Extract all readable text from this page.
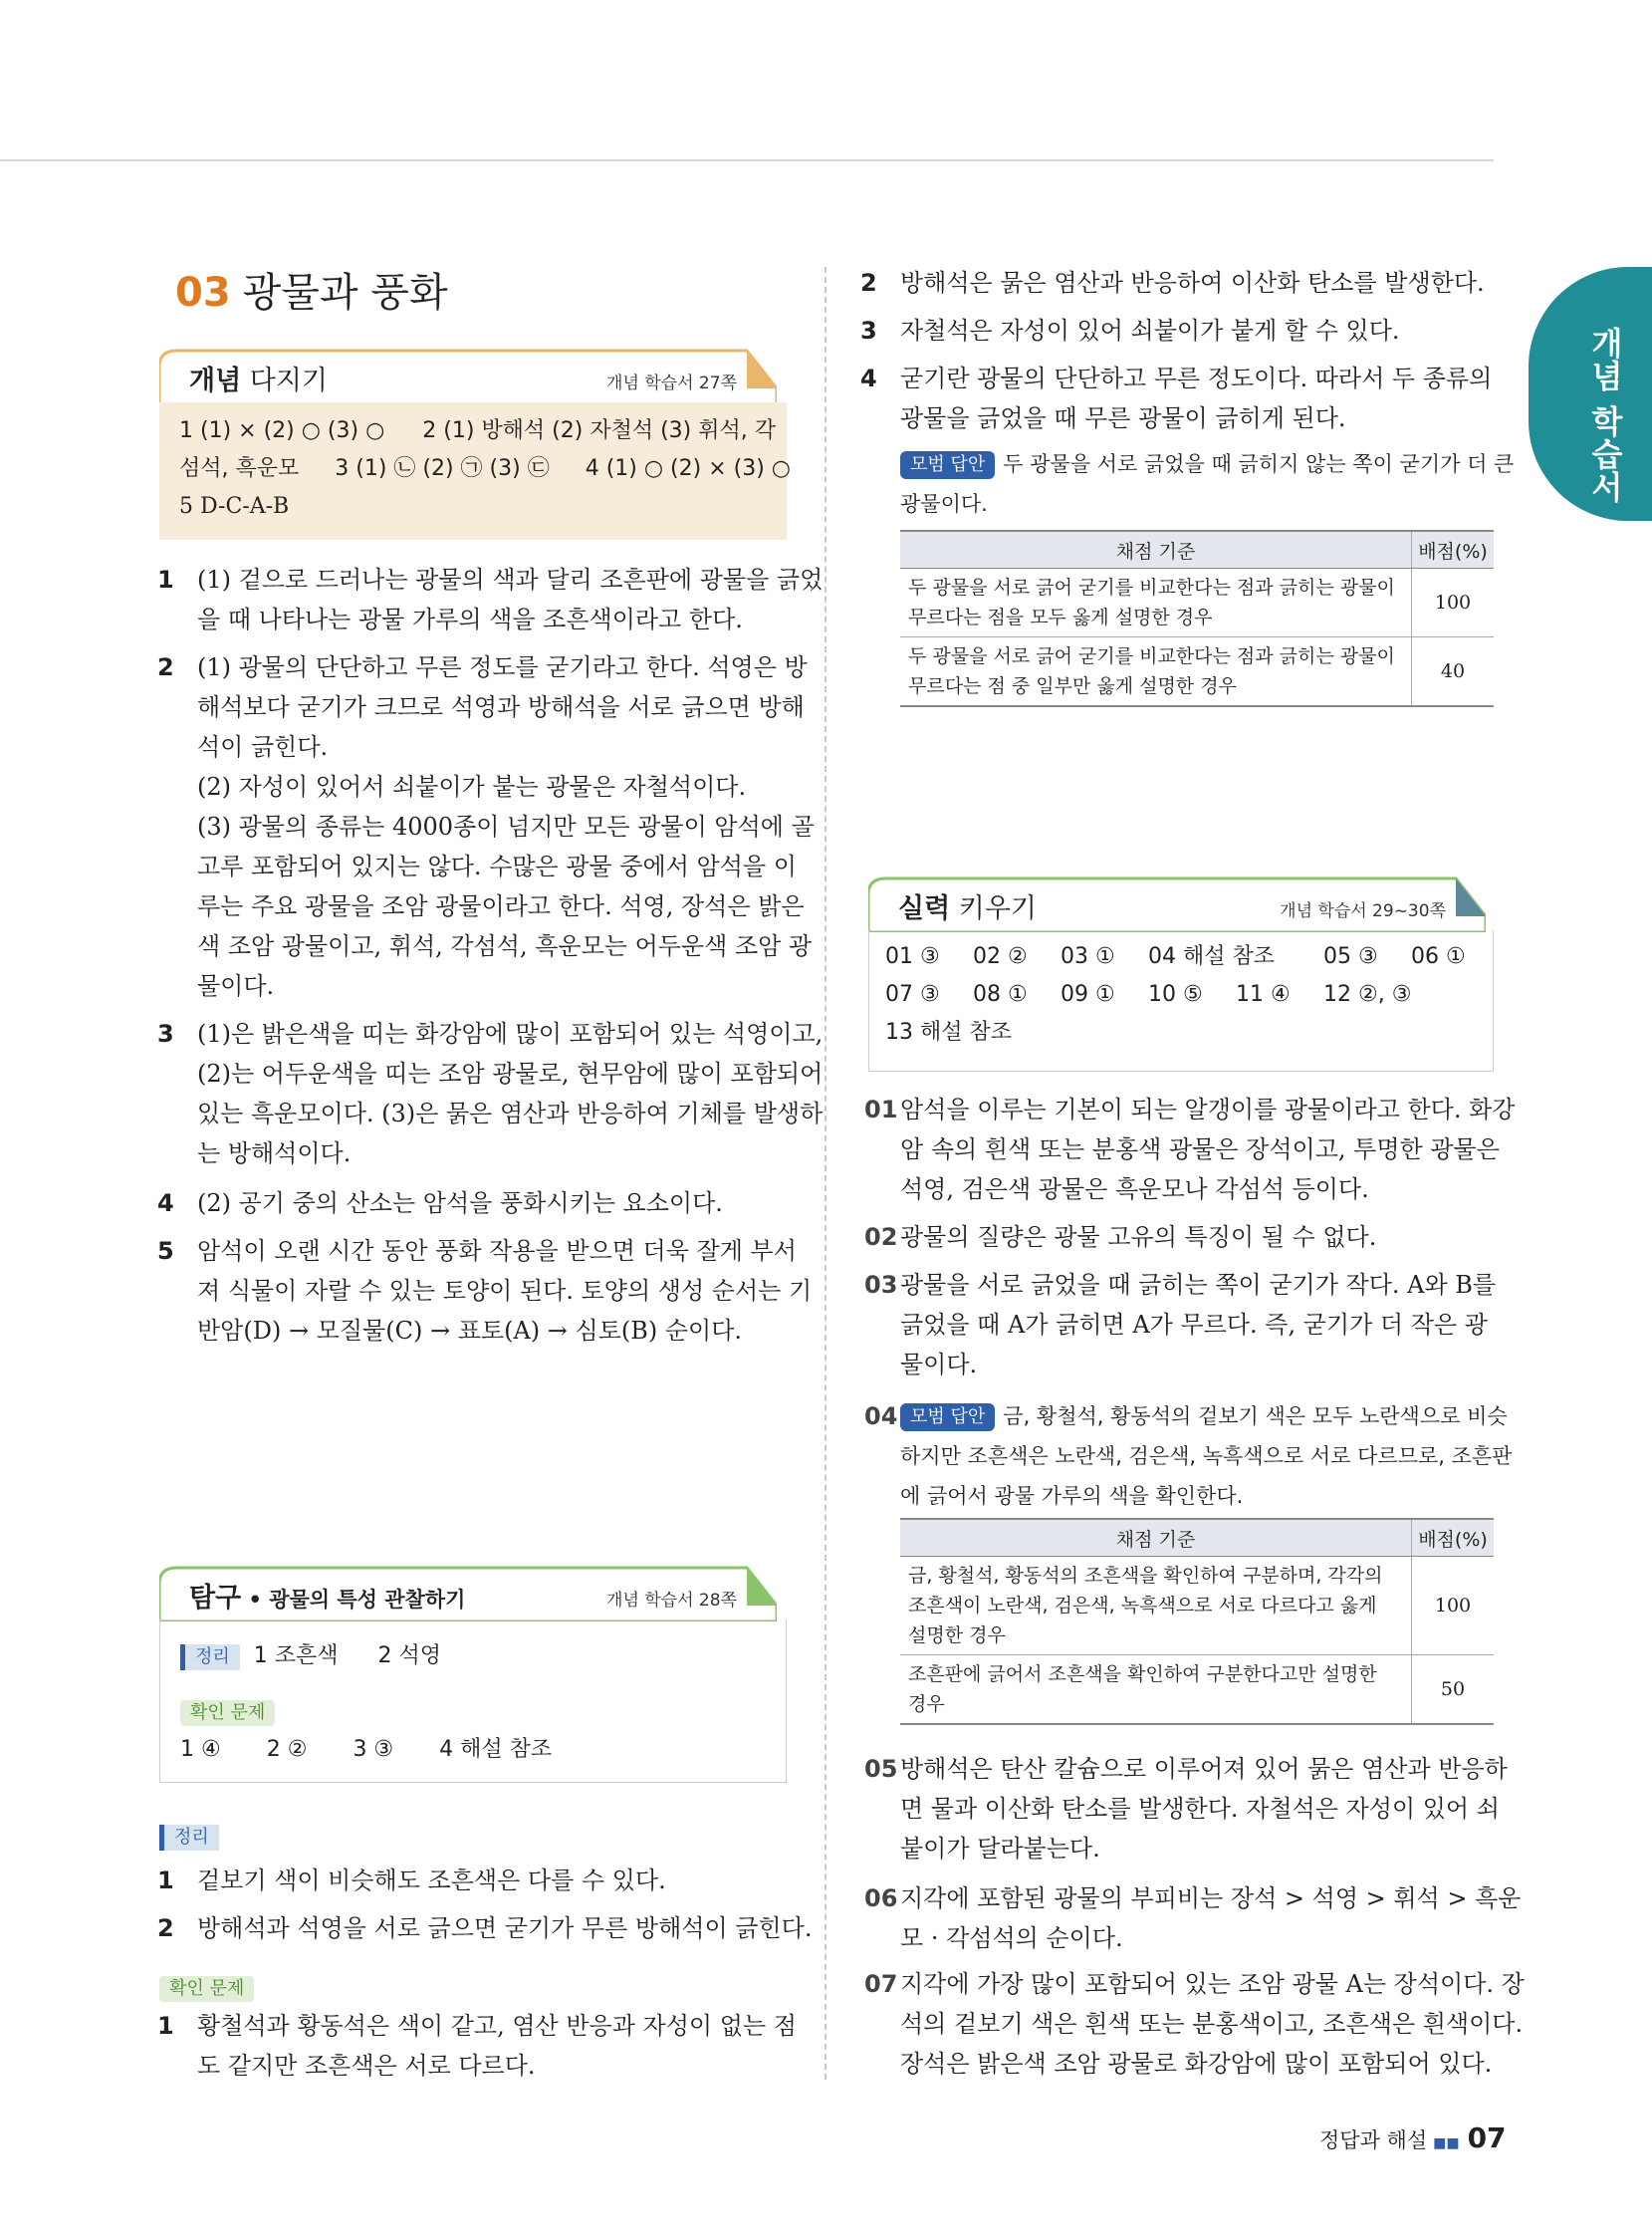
개념 학습서
03 광물과 풍화
개념 다지기	개념 학습서 27쪽
1 (1) × (2) ○ (3) ○ 2 (1) 방해석 (2) 자철석 (3) 휘석, 각
섬석, 흑운모 3 (1) ㉡ (2) ㉠ (3) ㉢ 4 (1) ○ (2) × (3) ○
5 D-C-A-B
1 (1) 겉으로 드러나는 광물의 색과 달리 조흔판에 광물을 긁었
을 때 나타나는 광물 가루의 색을 조흔색이라고 한다.
2 (1) 광물의 단단하고 무른 정도를 굳기라고 한다. 석영은 방
해석보다 굳기가 크므로 석영과 방해석을 서로 긁으면 방해
석이 긁힌다.
(2) 자성이 있어서 쇠붙이가 붙는 광물은 자철석이다.
(3) 광물의 종류는 4000종이 넘지만 모든 광물이 암석에 골
고루 포함되어 있지는 않다. 수많은 광물 중에서 암석을 이
루는 주요 광물을 조암 광물이라고 한다. 석영, 장석은 밝은
색 조암 광물이고, 휘석, 각섬석, 흑운모는 어두운색 조암 광
물이다.
3 (1)은 밝은색을 띠는 화강암에 많이 포함되어 있는 석영이고,
(2)는 어두운색을 띠는 조암 광물로, 현무암에 많이 포함되어
있는 흑운모이다. (3)은 묽은 염산과 반응하여 기체를 발생하
는 방해석이다.
4 (2) 공기 중의 산소는 암석을 풍화시키는 요소이다.
5 암석이 오랜 시간 동안 풍화 작용을 받으면 더욱 잘게 부서
져 식물이 자랄 수 있는 토양이 된다. 토양의 생성 순서는 기
반암(D) → 모질물(C) → 표토(A) → 심토(B) 순이다.
탐구 • 광물의 특성 관찰하기	개념 학습서 28쪽
정리 1 조흔색 2 석영
확인 문제
1 ④ 2 ② 3 ③ 4 해설 참조
정리
1 겉보기 색이 비슷해도 조흔색은 다를 수 있다.
2 방해석과 석영을 서로 긁으면 굳기가 무른 방해석이 긁힌다.
확인 문제
1 황철석과 황동석은 색이 같고, 염산 반응과 자성이 없는 점
도 같지만 조흔색은 서로 다르다.
2 방해석은 묽은 염산과 반응하여 이산화 탄소를 발생한다.
3 자철석은 자성이 있어 쇠붙이가 붙게 할 수 있다.
4 굳기란 광물의 단단하고 무른 정도이다. 따라서 두 종류의
광물을 긁었을 때 무른 광물이 긁히게 된다.
모범 답안 두 광물을 서로 긁었을 때 긁히지 않는 쪽이 굳기가 더 큰
광물이다.
채점 기준	배점(%)

두 광물을 서로 긁어 굳기를 비교한다는 점과 긁히는 광물이
무르다는 점을 모두 옳게 설명한 경우	100

두 광물을 서로 긁어 굳기를 비교한다는 점과 긁히는 광물이
무르다는 점 중 일부만 옳게 설명한 경우	40
실력 키우기	개념 학습서 29~30쪽
01 ③ 02 ② 03 ① 04 해설 참조 05 ③ 06 ①
07 ③ 08 ① 09 ① 10 ⑤ 11 ④ 12 ②, ③
13 해설 참조
01 암석을 이루는 기본이 되는 알갱이를 광물이라고 한다. 화강
암 속의 흰색 또는 분홍색 광물은 장석이고, 투명한 광물은
석영, 검은색 광물은 흑운모나 각섬석 등이다.
02 광물의 질량은 광물 고유의 특징이 될 수 없다.
03 광물을 서로 긁었을 때 긁히는 쪽이 굳기가 작다. A와 B를
긁었을 때 A가 긁히면 A가 무르다. 즉, 굳기가 더 작은 광
물이다.
04 모범 답안 금, 황철석, 황동석의 겉보기 색은 모두 노란색으로 비슷
하지만 조흔색은 노란색, 검은색, 녹흑색으로 서로 다르므로, 조흔판
에 긁어서 광물 가루의 색을 확인한다.
채점 기준	배점(%)

금, 황철석, 황동석의 조흔색을 확인하여 구분하며, 각각의
조흔색이 노란색, 검은색, 녹흑색으로 서로 다르다고 옳게
설명한 경우	100

조흔판에 긁어서 조흔색을 확인하여 구분한다고만 설명한
경우	50
05 방해석은 탄산 칼슘으로 이루어져 있어 묽은 염산과 반응하
면 물과 이산화 탄소를 발생한다. 자철석은 자성이 있어 쇠
붙이가 달라붙는다.
06 지각에 포함된 광물의 부피비는 장석 > 석영 > 휘석 > 흑운
모 · 각섬석의 순이다.
07 지각에 가장 많이 포함되어 있는 조암 광물 A는 장석이다. 장
석의 겉보기 색은 흰색 또는 분홍색이고, 조흔색은 흰색이다.
장석은 밝은색 조암 광물로 화강암에 많이 포함되어 있다.
정답과 해설 ■■ 07
